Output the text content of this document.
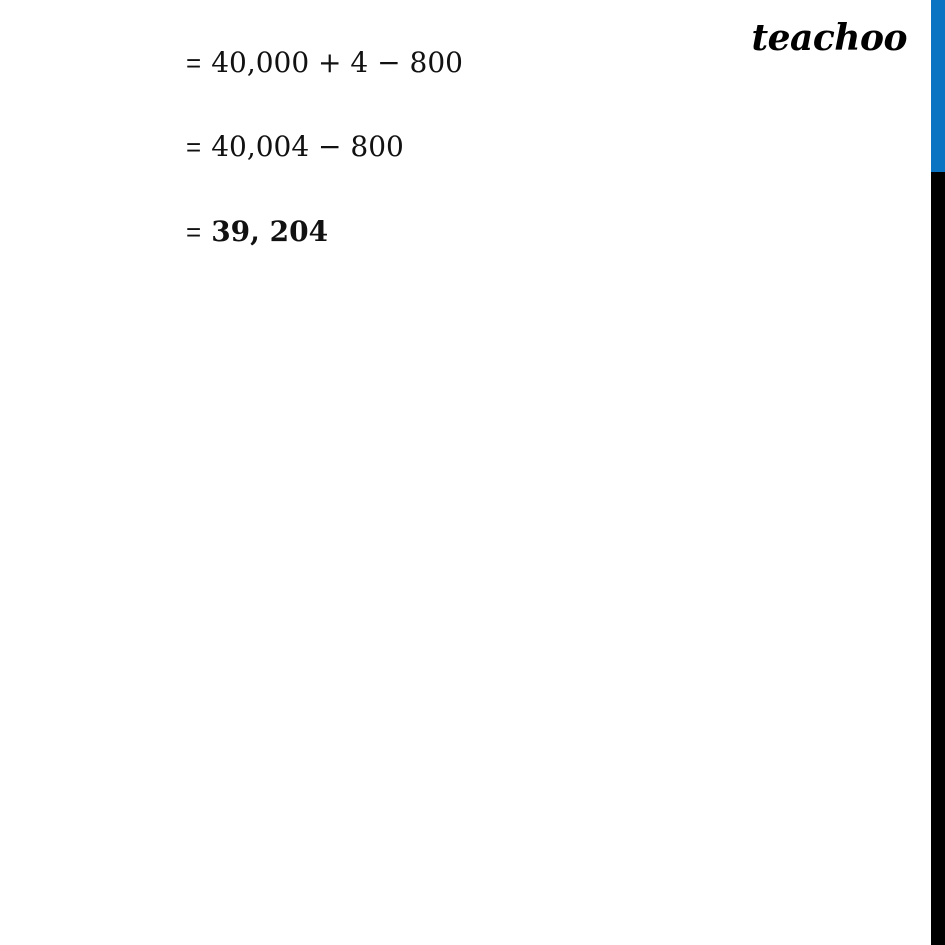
teachoo
= 40,000 + 4 − 800
= 40,004 − 800
= 39, 204
